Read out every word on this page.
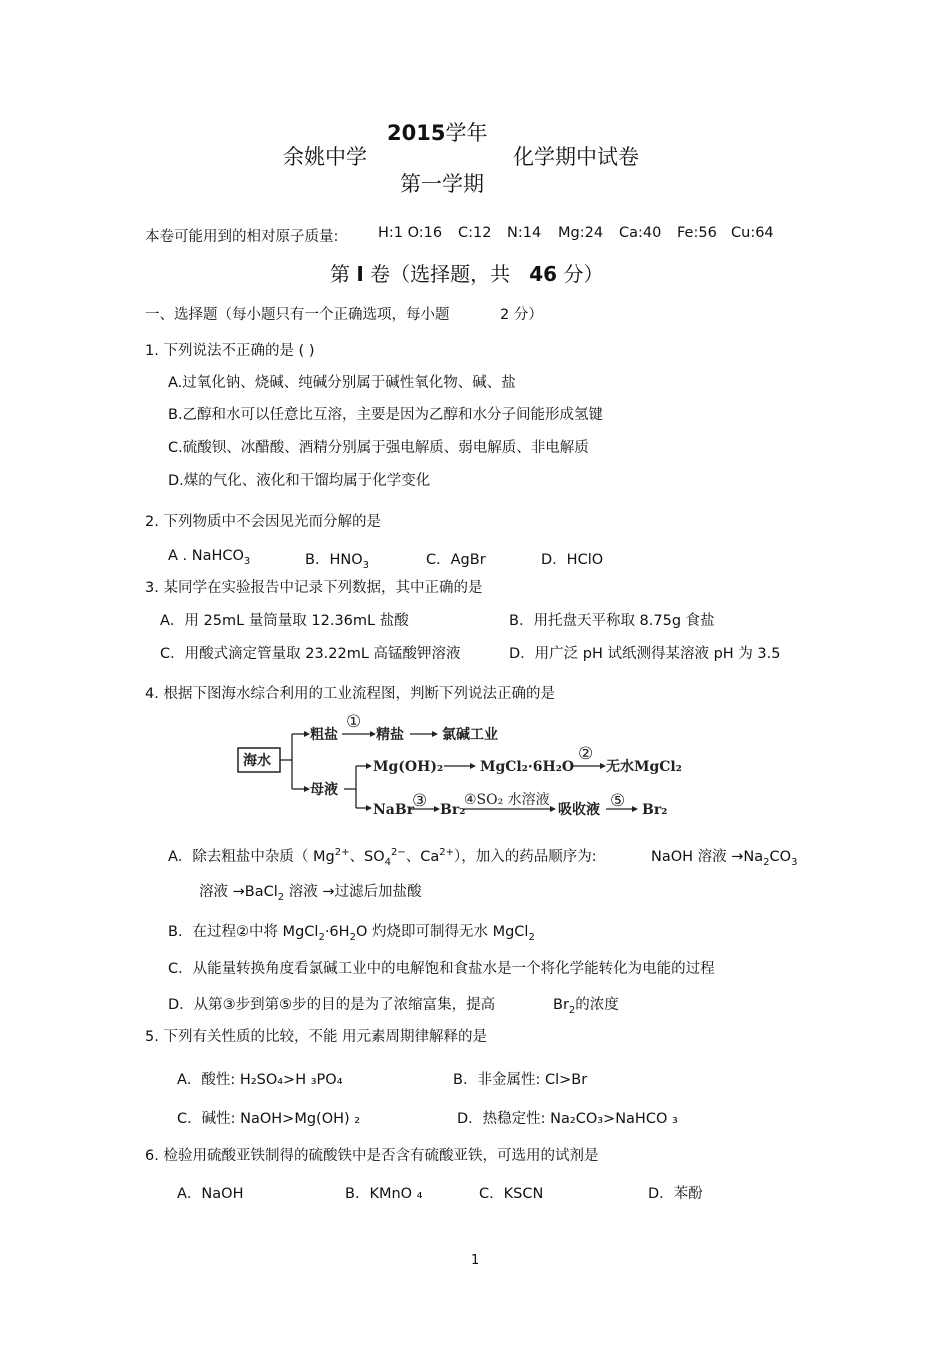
2015学年
余姚中学	化学期中试卷
第一学期
本卷可能用到的相对原子质量:	H:1 O:16 C:12 N:14 Mg:24 Ca:40 Fe:56 Cu:64
第 I 卷（选择题，共 46 分）
一、选择题（每小题只有一个正确选项，每小题	2 分）
1. 下列说法不正确的是 ( )
A.过氧化钠、烧碱、纯碱分别属于碱性氧化物、碱、盐
B.乙醇和水可以任意比互溶，主要是因为乙醇和水分子间能形成氢键
C.硫酸钡、冰醋酸、酒精分别属于强电解质、弱电解质、非电解质
D.煤的气化、液化和干馏均属于化学变化
2. 下列物质中不会因见光而分解的是
A . NaHCO$_3$	B．$HNO_3$	C．AgBr	D．HClO
3. 某同学在实验报告中记录下列数据，其中正确的是
A．用 25mL 量筒量取 12.36mL 盐酸	B．用托盘天平称取 8.75g 食盐
C．用酸式滴定管量取 23.22mL 高锰酸钾溶液	D．用广泛 pH 试纸测得某溶液 pH 为 3.5
4. 根据下图海水综合利用的工业流程图，判断下列说法正确的是
海水
粗盐
①
精盐	氯碱工业
母液
Mg(OH)₂	MgCl₂·6H₂O
②
无水MgCl₂
NaBr
③ Br₂
④SO₂ 水溶液
吸收液 ⑤ Br₂
A．除去粗盐中杂质（ $Mg^{2+}$、$SO_4^{2-}$、$Ca^{2+}$），加入的药品顺序为:	NaOH 溶液 $\to Na_2CO_3$
溶液 →BaCl$_2$ 溶液 →过滤后加盐酸
B．在过程②中将 $MgCl_2\cdot 6H_2O$ 灼烧即可制得无水 MgCl$_2$
C．从能量转换角度看氯碱工业中的电解饱和食盐水是一个将化学能转化为电能的过程
D．从第③步到第⑤步的目的是为了浓缩富集，提高	$Br_2$的浓度
5. 下列有关性质的比较，不能 用元素周期律解释的是
A．酸性: H₂SO₄>H ₃PO₄	B．非金属性: Cl>Br
C．碱性: NaOH>Mg(OH) ₂	D．热稳定性: Na₂CO₃>NaHCO ₃
6. 检验用硫酸亚铁制得的硫酸铁中是否含有硫酸亚铁，可选用的试剂是
A．NaOH	B．KMnO ₄	C．KSCN	D．苯酚
1
